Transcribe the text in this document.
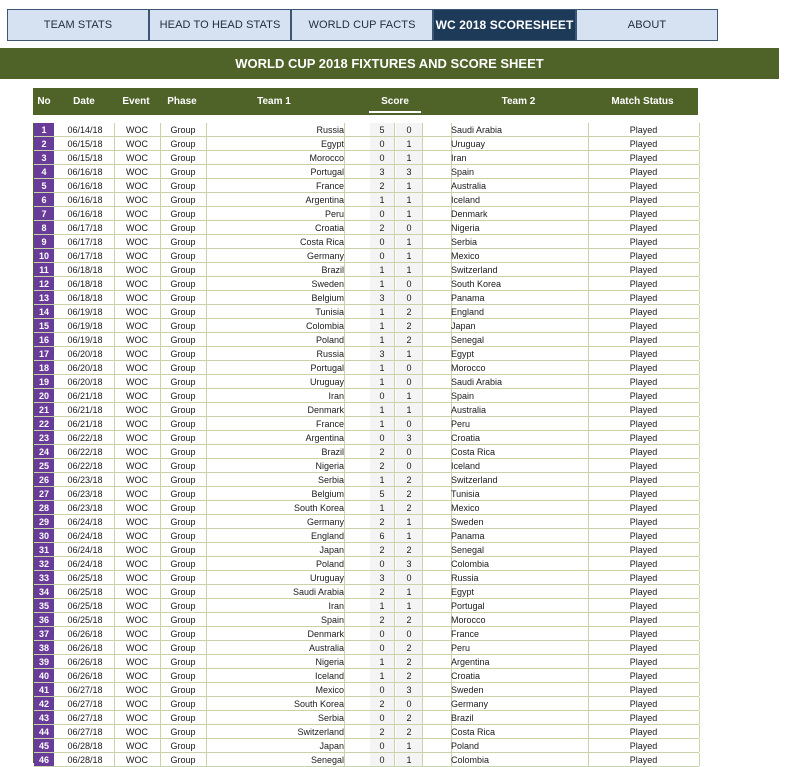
TEAM STATS	HEAD TO HEAD STATS	WORLD CUP FACTS	WC 2018 SCORESHEET	ABOUT
WORLD CUP 2018 FIXTURES AND SCORE SHEET
No	Date	Event	Phase	Team 1	Score	Team 2	Match Status
1	06/14/18	WOC	Group	Russia	5	0	Saudi Arabia	Played
2	06/15/18	WOC	Group	Egypt	0	1	Uruguay	Played
3	06/15/18	WOC	Group	Morocco	0	1	Iran	Played
4	06/16/18	WOC	Group	Portugal	3	3	Spain	Played
5	06/16/18	WOC	Group	France	2	1	Australia	Played
6	06/16/18	WOC	Group	Argentina	1	1	Iceland	Played
7	06/16/18	WOC	Group	Peru	0	1	Denmark	Played
8	06/17/18	WOC	Group	Croatia	2	0	Nigeria	Played
9	06/17/18	WOC	Group	Costa Rica	0	1	Serbia	Played
10	06/17/18	WOC	Group	Germany	0	1	Mexico	Played
11	06/18/18	WOC	Group	Brazil	1	1	Switzerland	Played
12	06/18/18	WOC	Group	Sweden	1	0	South Korea	Played
13	06/18/18	WOC	Group	Belgium	3	0	Panama	Played
14	06/19/18	WOC	Group	Tunisia	1	2	England	Played
15	06/19/18	WOC	Group	Colombia	1	2	Japan	Played
16	06/19/18	WOC	Group	Poland	1	2	Senegal	Played
17	06/20/18	WOC	Group	Russia	3	1	Egypt	Played
18	06/20/18	WOC	Group	Portugal	1	0	Morocco	Played
19	06/20/18	WOC	Group	Uruguay	1	0	Saudi Arabia	Played
20	06/21/18	WOC	Group	Iran	0	1	Spain	Played
21	06/21/18	WOC	Group	Denmark	1	1	Australia	Played
22	06/21/18	WOC	Group	France	1	0	Peru	Played
23	06/22/18	WOC	Group	Argentina	0	3	Croatia	Played
24	06/22/18	WOC	Group	Brazil	2	0	Costa Rica	Played
25	06/22/18	WOC	Group	Nigeria	2	0	Iceland	Played
26	06/23/18	WOC	Group	Serbia	1	2	Switzerland	Played
27	06/23/18	WOC	Group	Belgium	5	2	Tunisia	Played
28	06/23/18	WOC	Group	South Korea	1	2	Mexico	Played
29	06/24/18	WOC	Group	Germany	2	1	Sweden	Played
30	06/24/18	WOC	Group	England	6	1	Panama	Played
31	06/24/18	WOC	Group	Japan	2	2	Senegal	Played
32	06/24/18	WOC	Group	Poland	0	3	Colombia	Played
33	06/25/18	WOC	Group	Uruguay	3	0	Russia	Played
34	06/25/18	WOC	Group	Saudi Arabia	2	1	Egypt	Played
35	06/25/18	WOC	Group	Iran	1	1	Portugal	Played
36	06/25/18	WOC	Group	Spain	2	2	Morocco	Played
37	06/26/18	WOC	Group	Denmark	0	0	France	Played
38	06/26/18	WOC	Group	Australia	0	2	Peru	Played
39	06/26/18	WOC	Group	Nigeria	1	2	Argentina	Played
40	06/26/18	WOC	Group	Iceland	1	2	Croatia	Played
41	06/27/18	WOC	Group	Mexico	0	3	Sweden	Played
42	06/27/18	WOC	Group	South Korea	2	0	Germany	Played
43	06/27/18	WOC	Group	Serbia	0	2	Brazil	Played
44	06/27/18	WOC	Group	Switzerland	2	2	Costa Rica	Played
45	06/28/18	WOC	Group	Japan	0	1	Poland	Played
46	06/28/18	WOC	Group	Senegal	0	1	Colombia	Played
